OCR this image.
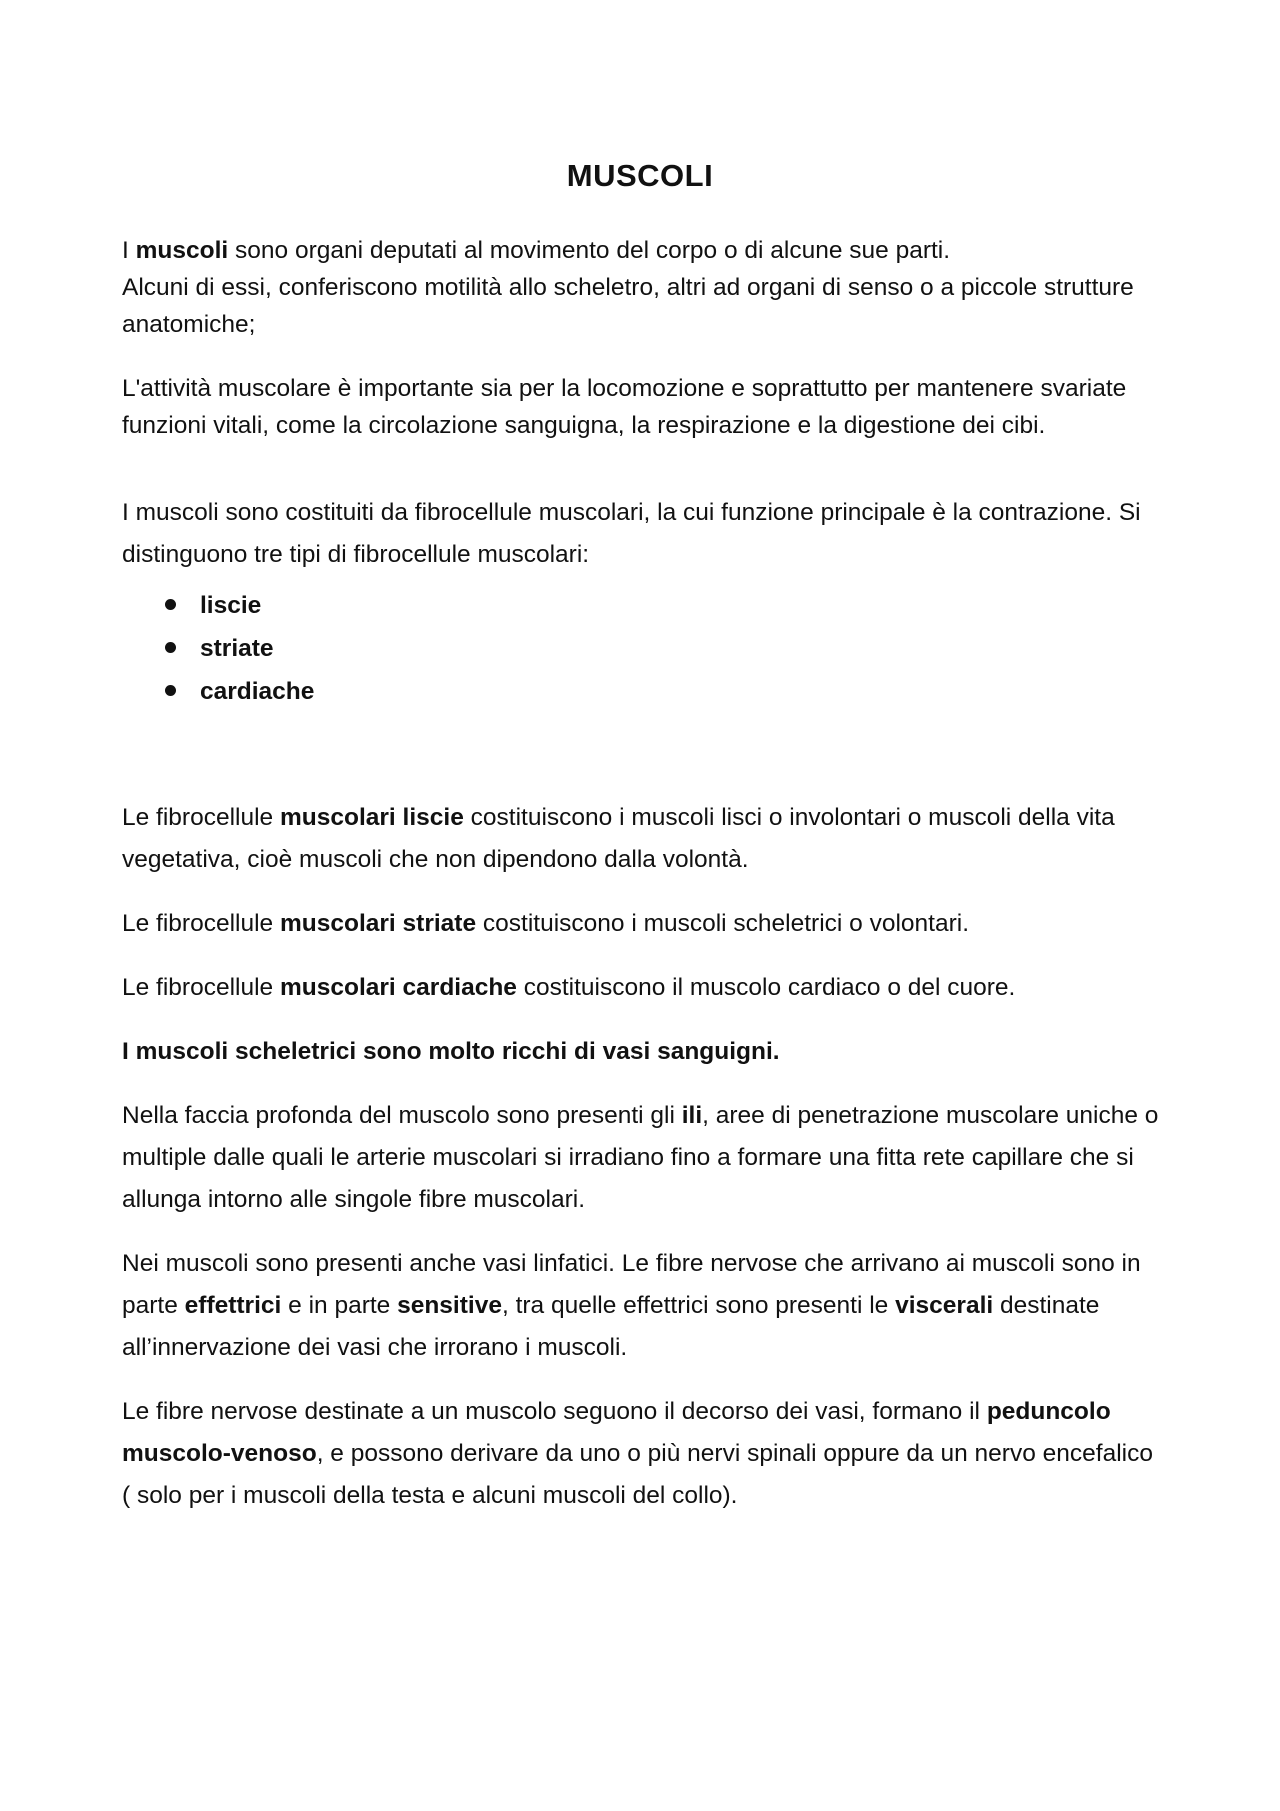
MUSCOLI

I muscoli sono organi deputati al movimento del corpo o di alcune sue parti.
Alcuni di essi, conferiscono motilità allo scheletro, altri ad organi di senso o a piccole strutture anatomiche;

L'attività muscolare è importante sia per la locomozione e soprattutto per mantenere svariate funzioni vitali, come la circolazione sanguigna, la respirazione e la digestione dei cibi.

I muscoli sono costituiti da fibrocellule muscolari, la cui funzione principale è la contrazione. Si distinguono tre tipi di fibrocellule muscolari:

liscie
striate
cardiache

Le fibrocellule muscolari liscie costituiscono i muscoli lisci o involontari o muscoli della vita vegetativa, cioè muscoli che non dipendono dalla volontà.

Le fibrocellule muscolari striate costituiscono i muscoli scheletrici o volontari.

Le fibrocellule muscolari cardiache costituiscono il muscolo cardiaco o del cuore.

I muscoli scheletrici sono molto ricchi di vasi sanguigni.

Nella faccia profonda del muscolo sono presenti gli ili, aree di penetrazione muscolare uniche o multiple dalle quali le arterie muscolari si irradiano fino a formare una fitta rete capillare che si allunga intorno alle singole fibre muscolari.

Nei muscoli sono presenti anche vasi linfatici. Le fibre nervose che arrivano ai muscoli sono in parte effettrici e in parte sensitive, tra quelle effettrici sono presenti le viscerali destinate all’innervazione dei vasi che irrorano i muscoli.

Le fibre nervose destinate a un muscolo seguono il decorso dei vasi, formano il peduncolo muscolo-venoso, e possono derivare da uno o più nervi spinali oppure da un nervo encefalico ( solo per i muscoli della testa e alcuni muscoli del collo).
